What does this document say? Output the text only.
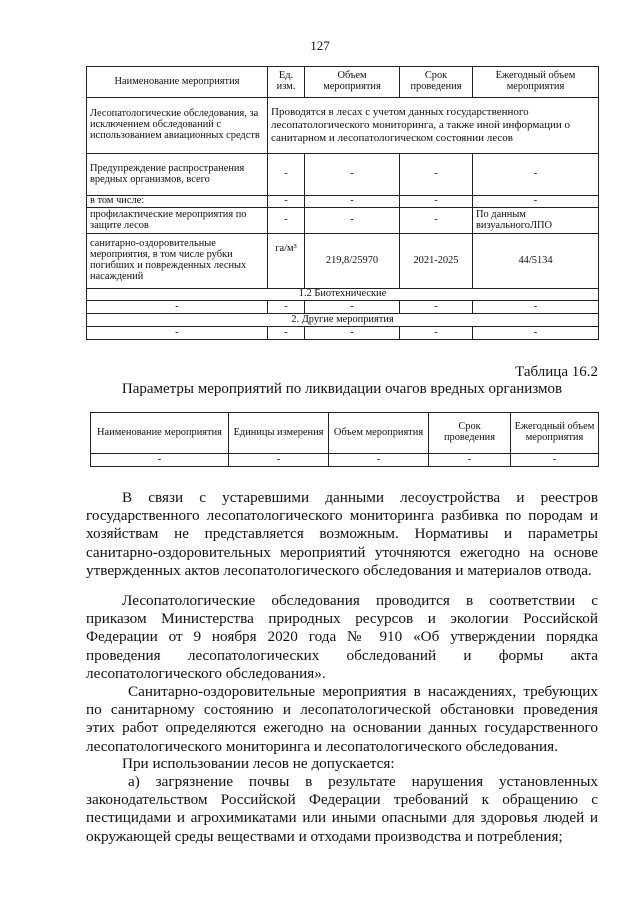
127
Наименование мероприятия	Ед. изм.	Объем мероприятия	Срок проведения	Ежегодный объем мероприятия
Лесопатологические обследования, за исключением обследований с использованием авиационных средств	Проводятся в лесах с учетом данных государственного лесопатологического мониторинга, а также иной информации о санитарном и лесопатологическом состоянии лесов			
Предупреждение распространения вредных организмов, всего	-	-	-	-
в том числе:	-	-	-	-
профилактические мероприятия по защите лесов	-	-	-	По данным визуальногоЛПО
санитарно-оздоровительные мероприятия, в том числе рубки погибших и поврежденных лесных насаждений	га/м³	219,8/25970	2021-2025	44/5134
1.2 Биотехнические				
-	-	-	-	-
2. Другие мероприятия				
-	-	-	-	-
Таблица 16.2
Параметры мероприятий по ликвидации очагов вредных организмов
Наименование мероприятия	Единицы измерения	Объем мероприятия	Срок проведения	Ежегодный объем мероприятия
-	-	-	-	-

В связи с устаревшими данными лесоустройства и реестров государственного лесопатологического мониторинга разбивка по породам и хозяйствам не представляется возможным. Нормативы и параметры санитарно-оздоровительных мероприятий уточняются ежегодно на основе утвержденных актов лесопатологического обследования и материалов отвода.

Лесопатологические обследования проводится в соответствии с приказом Министерства природных ресурсов и экологии Российской Федерации от 9 ноября 2020 года № 910 «Об утверждении порядка проведения лесопатологических обследований и формы акта лесопатологического обследования».

Санитарно-оздоровительные мероприятия в насаждениях, требующих по санитарному состоянию и лесопатологической обстановки проведения этих работ определяются ежегодно на основании данных государственного лесопатологического мониторинга и лесопатологического обследования.

При использовании лесов не допускается:

а) загрязнение почвы в результате нарушения установленных законодательством Российской Федерации требований к обращению с пестицидами и агрохимикатами или иными опасными для здоровья людей и окружающей среды веществами и отходами производства и потребления;
